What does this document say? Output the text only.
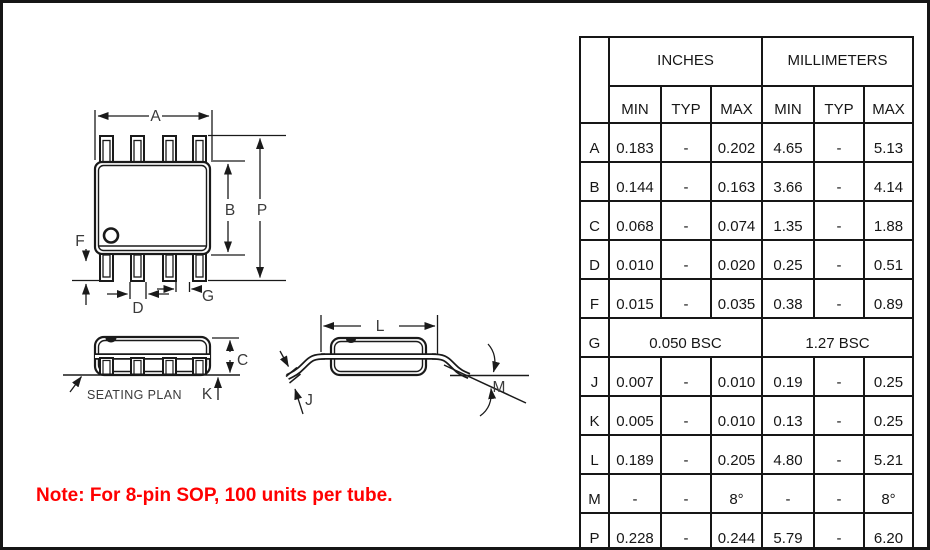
A
B P
F
D
G
SEATING PLAN
C
K
L
J
M
	INCHES			MILLIMETERS		
	MIN	TYP	MAX	MIN	TYP	MAX
A	0.183	-	0.202	4.65	-	5.13
B	0.144	-	0.163	3.66	-	4.14
C	0.068	-	0.074	1.35	-	1.88
D	0.010	-	0.020	0.25	-	0.51
F	0.015	-	0.035	0.38	-	0.89
G	0.050 BSC			1.27 BSC		
J	0.007	-	0.010	0.19	-	0.25
K	0.005	-	0.010	0.13	-	0.25
L	0.189	-	0.205	4.80	-	5.21
M	-	-	8°	-	-	8°
P	0.228	-	0.244	5.79	-	6.20
Note: For 8-pin SOP, 100 units per tube.
